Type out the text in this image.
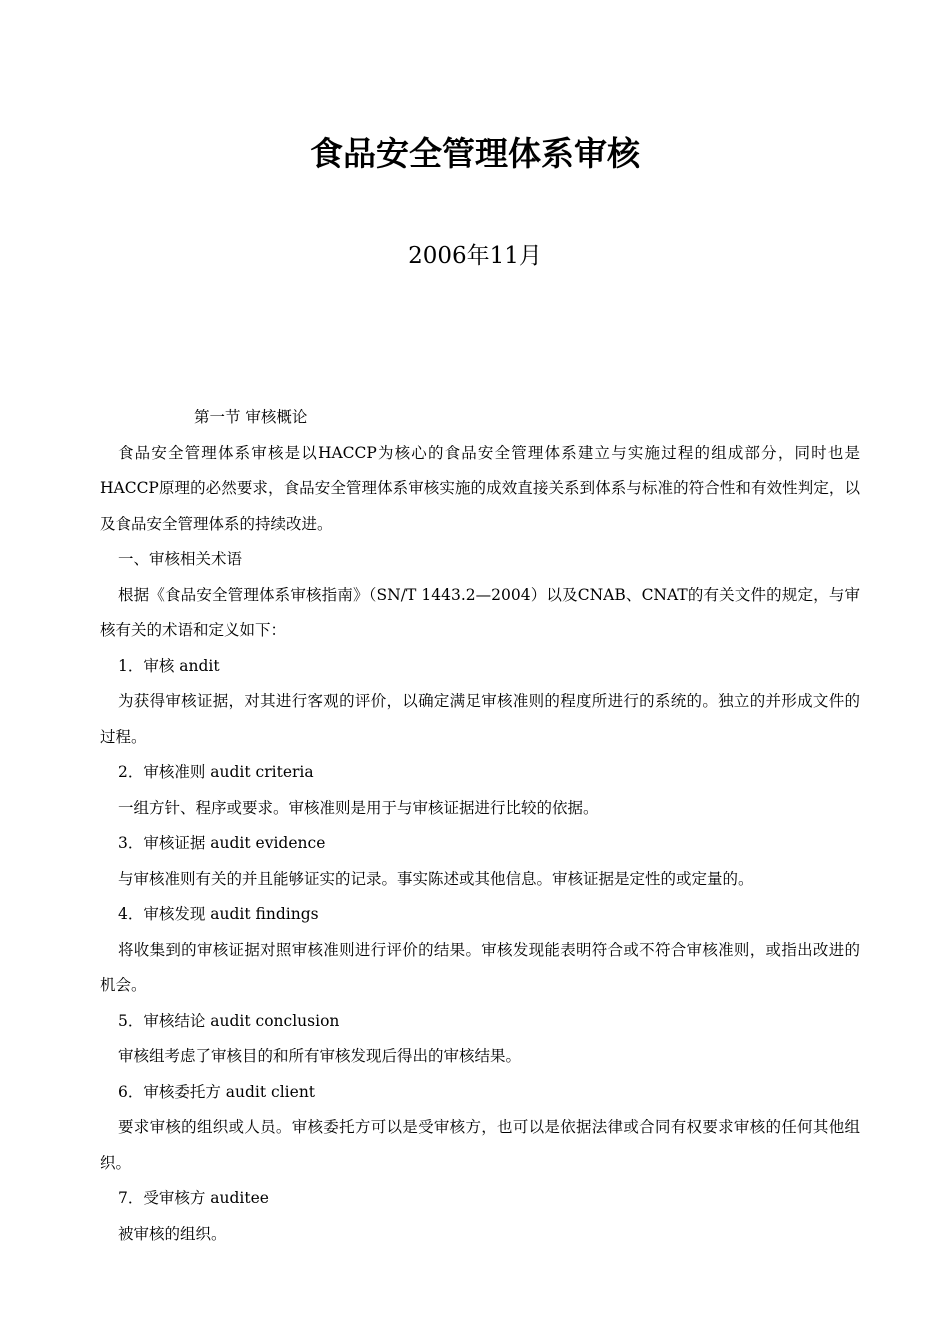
食品安全管理体系审核
2006年11月

第一节 审核概论

食品安全管理体系审核是以HACCP为核心的食品安全管理体系建立与实施过程的组成部分，同时也是HACCP原理的必然要求，食品安全管理体系审核实施的成效直接关系到体系与标准的符合性和有效性判定，以及食品安全管理体系的持续改进。

一、审核相关术语

根据《食品安全管理体系审核指南》（SN/T 1443.2—2004）以及CNAB、CNAT的有关文件的规定，与审核有关的术语和定义如下：

1．审核 andit

为获得审核证据，对其进行客观的评价，以确定满足审核准则的程度所进行的系统的。独立的并形成文件的过程。

2．审核准则 audit criteria

一组方针、程序或要求。审核准则是用于与审核证据进行比较的依据。

3．审核证据 audit evidence

与审核准则有关的并且能够证实的记录。事实陈述或其他信息。审核证据是定性的或定量的。

4．审核发现 audit findings

将收集到的审核证据对照审核准则进行评价的结果。审核发现能表明符合或不符合审核准则，或指出改进的机会。

5．审核结论 audit conclusion

审核组考虑了审核目的和所有审核发现后得出的审核结果。

6．审核委托方 audit client

要求审核的组织或人员。审核委托方可以是受审核方，也可以是依据法律或合同有权要求审核的任何其他组织。

7．受审核方 auditee

被审核的组织。
